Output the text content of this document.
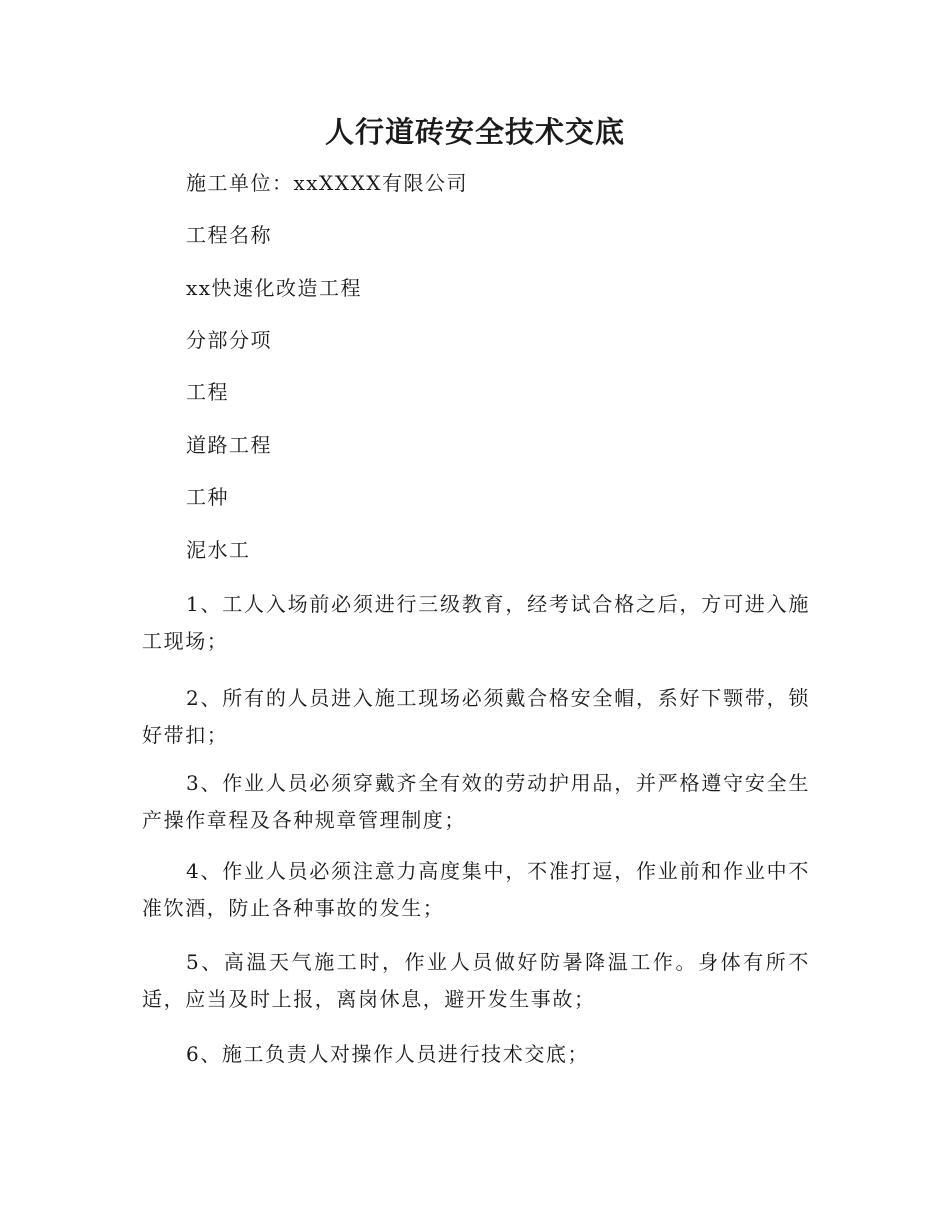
人行道砖安全技术交底

施工单位：xxXXXX有限公司

工程名称

xx快速化改造工程

分部分项

工程

道路工程

工种

泥水工

1、工人入场前必须进行三级教育，经考试合格之后，方可进入施工现场；

2、所有的人员进入施工现场必须戴合格安全帽，系好下颚带，锁好带扣；

3、作业人员必须穿戴齐全有效的劳动护用品，并严格遵守安全生产操作章程及各种规章管理制度；

4、作业人员必须注意力高度集中，不准打逗，作业前和作业中不准饮酒，防止各种事故的发生；

5、高温天气施工时，作业人员做好防暑降温工作。身体有所不适，应当及时上报，离岗休息，避开发生事故；

6、施工负责人对操作人员进行技术交底；
